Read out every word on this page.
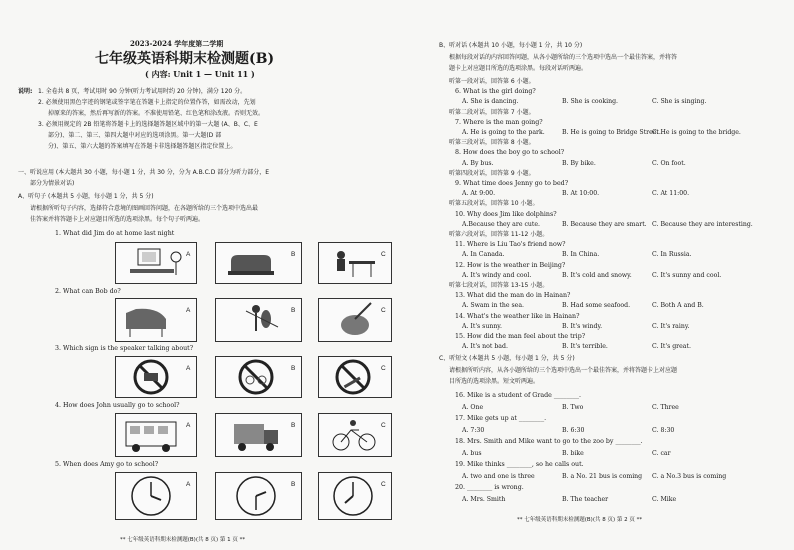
2023-2024 学年度第二学期
七年级英语科期末检测题(B)
( 内容: Unit 1 — Unit 11 )
说明: 1. 全卷共 8 页，考试用时 90 分钟(听力考试用时约 20 分钟)，满分 120 分。
2. 必须使用黑色字迹的钢笔或签字笔在答题卡上指定的位置作答，如需改动，先划
掉原来的答案，然后再写新的答案。不准使用铅笔、红色笔和涂改液。否则无效。
3. 必须用规定的 2B 铅笔将答题卡上的选择题答题区域中的第一大题 (A、B、C、E
部分)、第二、第三、第四大题中对应的选项涂黑。第一大题(D 部
分)、第五、第六大题的答案填写在答题卡非选择题答题区指定位置上。
一、听说应用 (本大题共 30 小题，每小题 1 分，共 30 分，分为 A.B.C.D 部分为听力部分，E
部分为情景对话)
A、听句子 (本题共 5 小题，每小题 1 分，共 5 分)
请根据所听句子内容，选择符合意境的图画回答问题，在各题所给的三个选项中选出最
佳答案并将答题卡上对应题目所选的选项涂黑。每个句子听两遍。
1. What did Jim do at home last night
A	B	C
2. What can Bob do?
A	B	C
3. Which sign is the speaker talking about?
A	B	C
4. How does John usually go to school?
A	B	C
5. When does Amy go to school?
A	B	C
** 七年级英语科期末检测题(B)(共 8 页) 第 1 页 **
B、听对话 (本题共 10 小题，每小题 1 分，共 10 分)
根据每段对话的内容回答问题，从各小题所给的三个选项中选出一个最佳答案，并将答
题卡上对应题目所选的选项涂黑。每段对话听两遍。
C、听短文 (本题共 5 小题，每小题 1 分，共 5 分)
请根据所听内容，从各小题所给的三个选项中选出一个最佳答案，并将答题卡上对应题
目所选的选项涂黑。短文听两遍。
** 七年级英语科期末检测题(B)(共 8 页) 第 2 页 **
听第一段对话，回答第 6 小题。
6. What is the girl doing?
A. She is dancing.	B. She is cooking.	C. She is singing.
听第二段对话，回答第 7 小题。
7. Where is the man going?
A. He is going to the park.	B. He is going to Bridge Street.
C. He is going to the bridge.
听第三段对话，回答第 8 小题。
8. How does the boy go to school?
A. By bus.	B. By bike.	C. On foot.
听第四段对话，回答第 9 小题。
9. What time does Jenny go to bed?
A. At 9:00.	B. At 10:00.	C. At 11:00.
听第五段对话，回答第 10 小题。
10. Why does Jim like dolphins?
A.Because they are cute.	B. Because they are smart. C. Because they are interesting.
听第六段对话，回答第 11-12 小题。
11. Where is Liu Tao's friend now?
A. In Canada.	B. In China.	C. In Russia.
12. How is the weather in Beijing?
A. It's windy and cool.	B. It's cold and snowy.	C. It's sunny and cool.
听第七段对话，回答第 13-15 小题。
13. What did the man do in Hainan?
A. Swam in the sea.	B. Had some seafood.	C. Both A and B.
14. What's the weather like in Hainan?
A. It's sunny.	B. It's windy.	C. It's rainy.
15. How did the man feel about the trip?
A. It's not bad.	B. It's terrible.	C. It's great.
16. Mike is a student of Grade ________.
A. One	B. Two	C. Three
17. Mike gets up at ________.
A. 7:30	B. 6:30	C. 8:30
18. Mrs. Smith and Mike want to go to the zoo by ________.
A. bus	B. bike	C. car
19. Mike thinks ________, so he calls out.
A. two and one is three	B. a No. 21 bus is coming C. a No.3 bus is coming
20. ________ is wrong.
A. Mrs. Smith	B. The teacher	C. Mike
